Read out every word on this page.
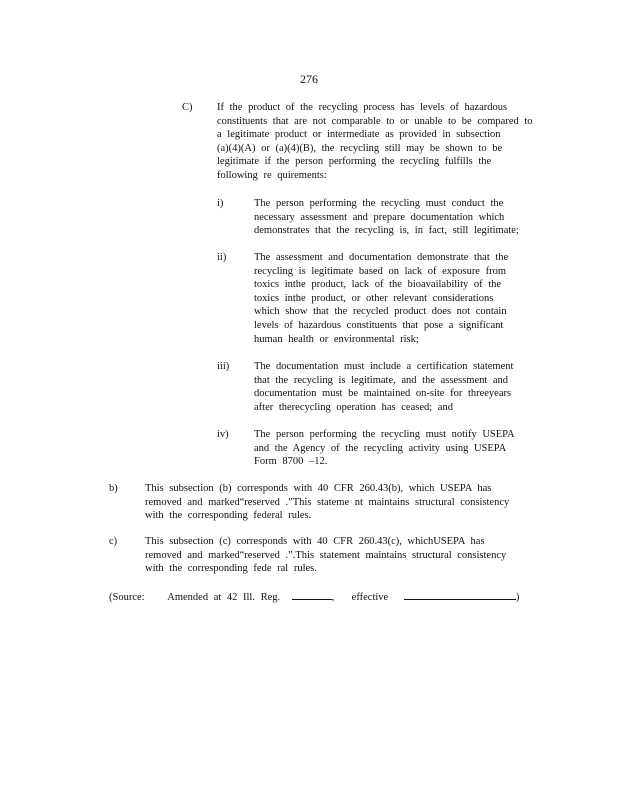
276
C) If the product of the recycling process has levels of hazardous
constituents that are not comparable to or unable to be compared to
a legitimate product or intermediate as provided in subsection
(a)(4)(A) or (a)(4)(B), the recycling still may be shown to be
legitimate if the person performing the recycling fulfills the
following re quirements:
i)	The person performing the recycling must conduct the
necessary assessment and prepare documentation which
demonstrates that the recycling is, in fact, still legitimate;
ii)	The assessment and documentation demonstrate that the
recycling is legitimate based on lack of exposure from
toxics inthe product, lack of the bioavailability of the
toxics inthe product, or other relevant considerations
which show that the recycled product does not contain
levels of hazardous constituents that pose a significant
human health or environmental risk;
iii) The documentation must include a certification statement
that the recycling is legitimate, and the assessment and
documentation must be maintained on-site for threeyears
after therecycling operation has ceased; and
iv) The person performing the recycling must notify USEPA
and the Agency of the recycling activity using USEPA
Form 8700 –12.
b)	This subsection (b) corresponds with 40 CFR 260.43(b), which USEPA has
removed and marked“reserved .”This stateme nt maintains structural consistency
with the corresponding federal rules.
c)	This subsection (c) corresponds with 40 CFR 260.43(c), whichUSEPA has
removed and marked“reserved .”.This statement maintains structural consistency
with the corresponding fede ral rules.
(Source: Amended at 42 Ill. Reg.	, effective	)
